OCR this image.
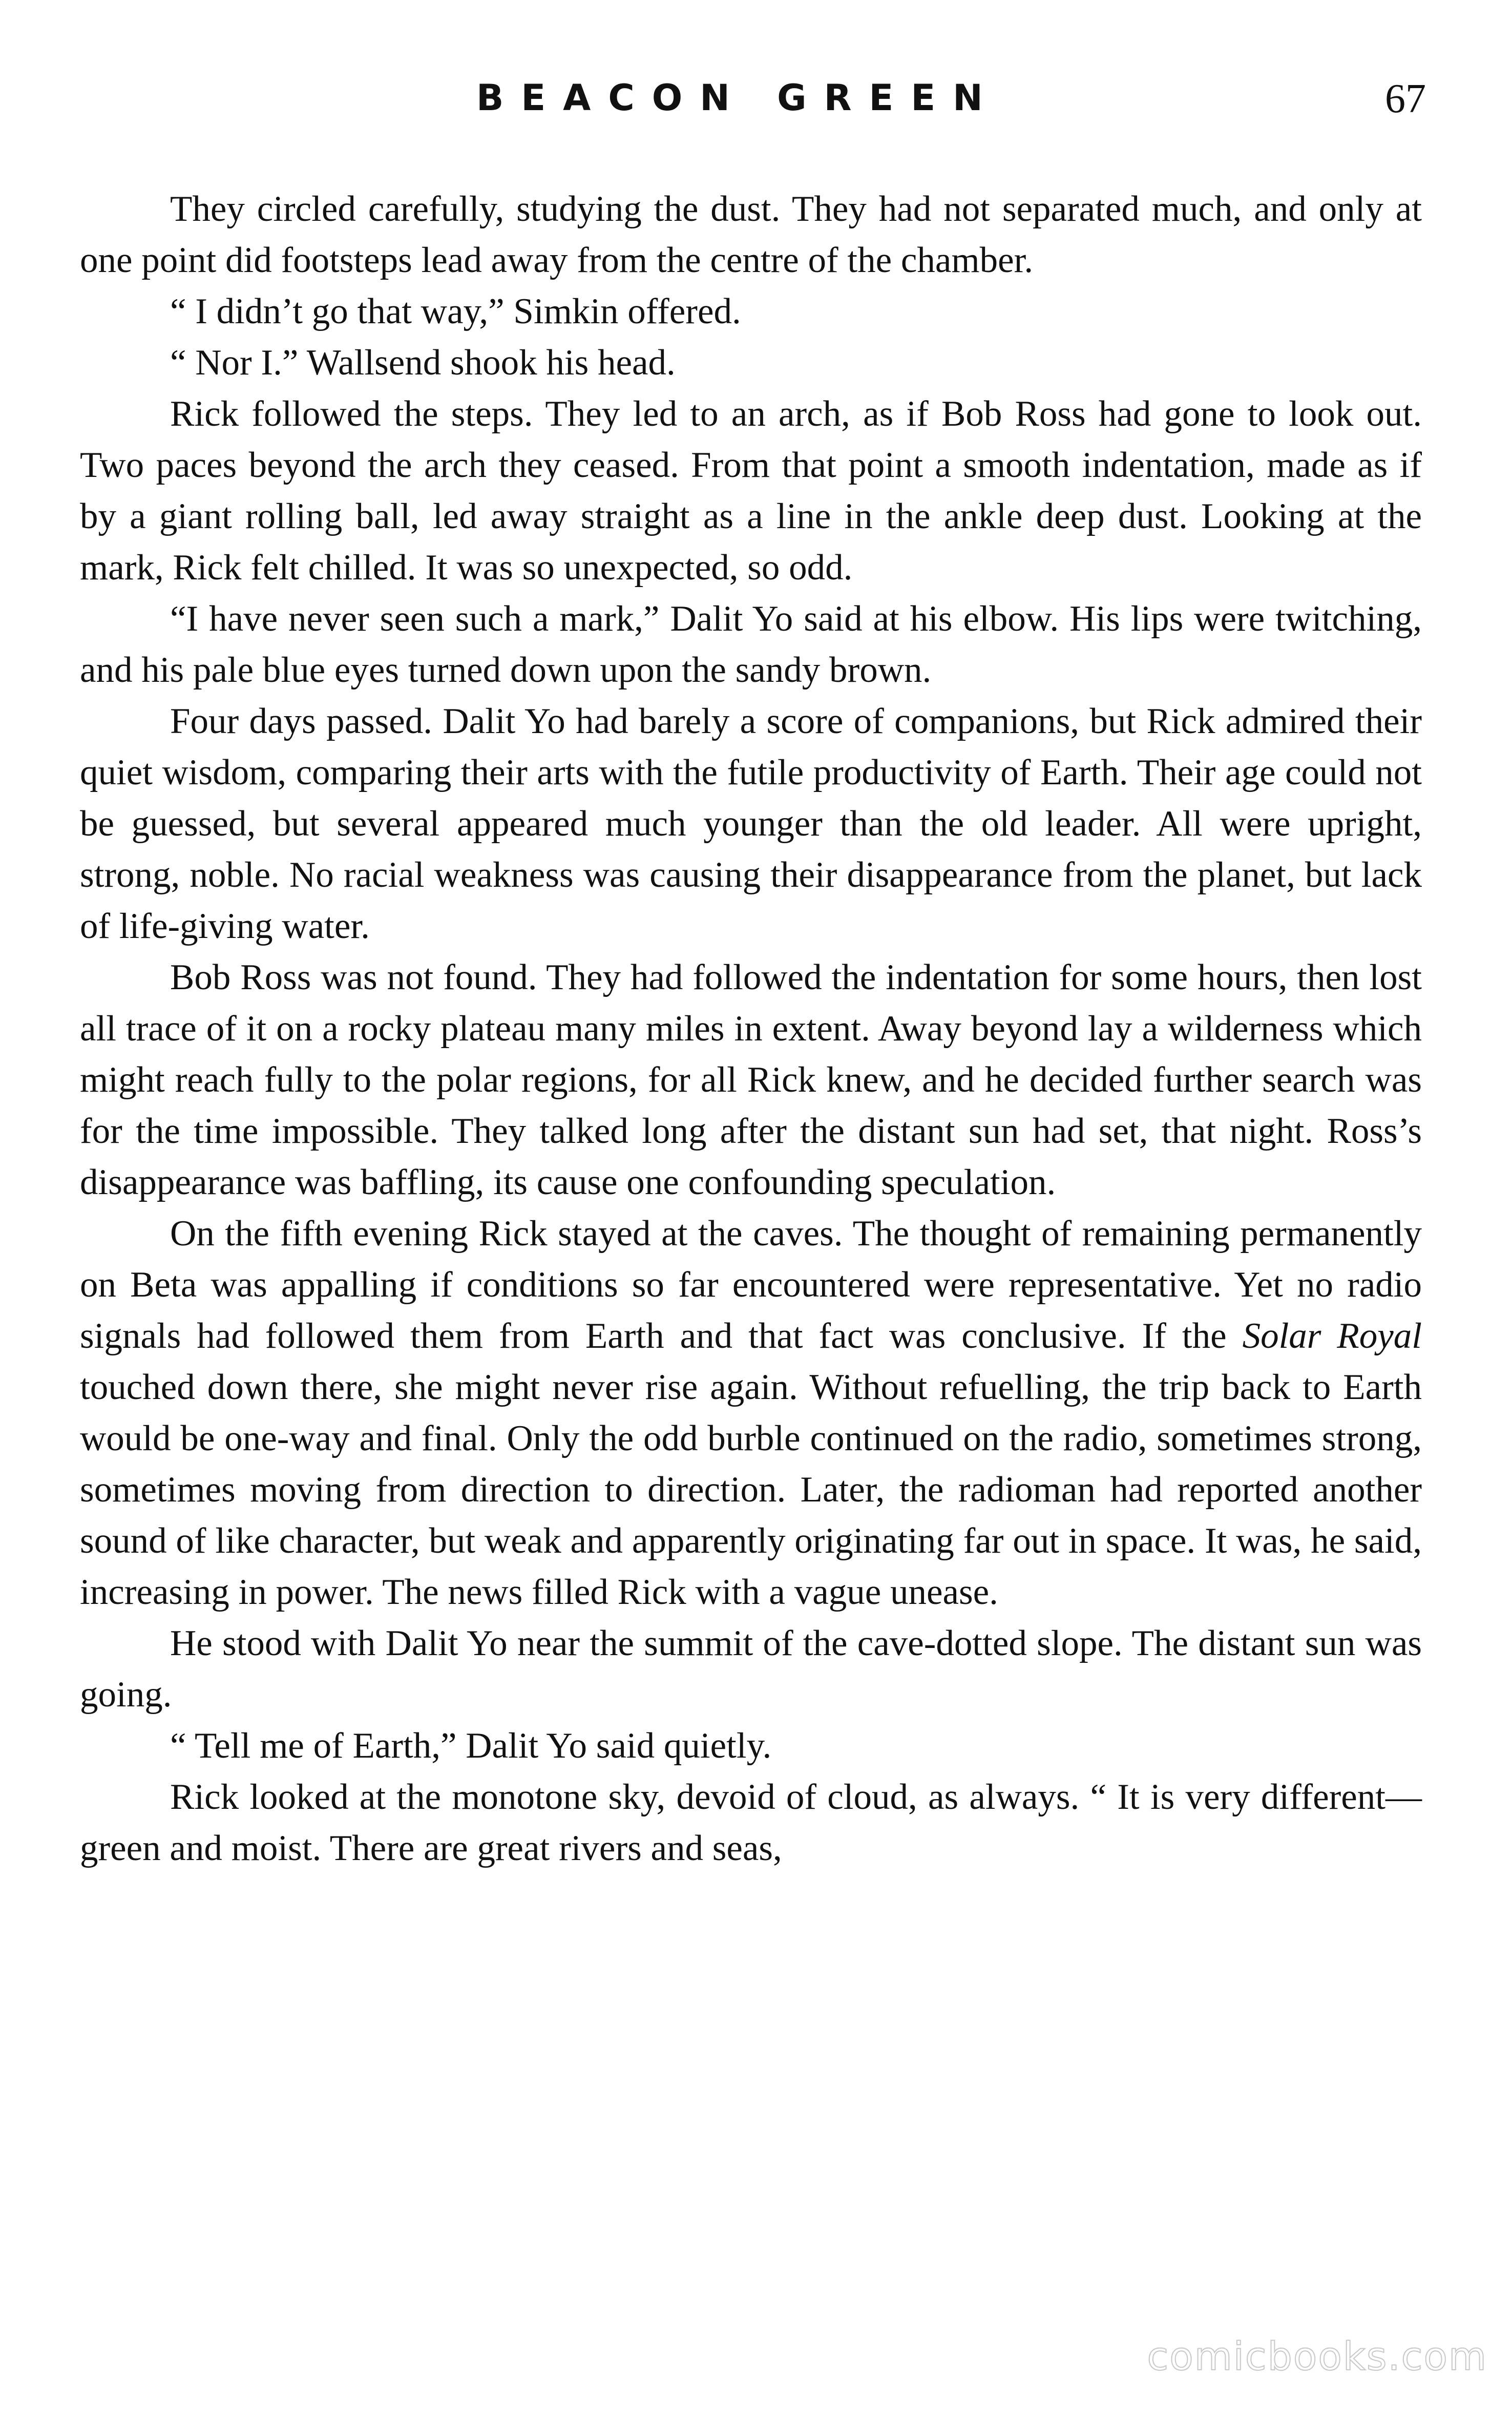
BEACON GREEN	67

They circled carefully, studying the dust. They had not separated much, and only at one point did footsteps lead away from the centre of the chamber.

“ I didn’t go that way,” Simkin offered.

“ Nor I.” Wallsend shook his head.

Rick followed the steps. They led to an arch, as if Bob Ross had gone to look out. Two paces beyond the arch they ceased. From that point a smooth indentation, made as if by a giant rolling ball, led away straight as a line in the ankle deep dust. Looking at the mark, Rick felt chilled. It was so unexpected, so odd.

“I have never seen such a mark,” Dalit Yo said at his elbow. His lips were twitching, and his pale blue eyes turned down upon the sandy brown.

Four days passed. Dalit Yo had barely a score of companions, but Rick admired their quiet wisdom, comparing their arts with the futile productivity of Earth. Their age could not be guessed, but several appeared much younger than the old leader. All were upright, strong, noble. No racial weakness was causing their disappearance from the planet, but lack of life-giving water.

Bob Ross was not found. They had followed the indentation for some hours, then lost all trace of it on a rocky plateau many miles in extent. Away beyond lay a wilderness which might reach fully to the polar regions, for all Rick knew, and he decided further search was for the time impossible. They talked long after the distant sun had set, that night. Ross’s disappearance was baffling, its cause one confounding speculation.

On the fifth evening Rick stayed at the caves. The thought of remaining permanently on Beta was appalling if conditions so far encountered were representative. Yet no radio signals had followed them from Earth and that fact was conclusive. If the Solar Royal touched down there, she might never rise again. Without refuelling, the trip back to Earth would be one-way and final. Only the odd burble continued on the radio, sometimes strong, sometimes moving from direction to direction. Later, the radioman had reported another sound of like character, but weak and apparently originating far out in space. It was, he said, increasing in power. The news filled Rick with a vague unease.

He stood with Dalit Yo near the summit of the cave-dotted slope. The distant sun was going.

“ Tell me of Earth,” Dalit Yo said quietly.

Rick looked at the monotone sky, devoid of cloud, as always. “ It is very different—green and moist. There are great rivers and seas,

comicbooks.com
